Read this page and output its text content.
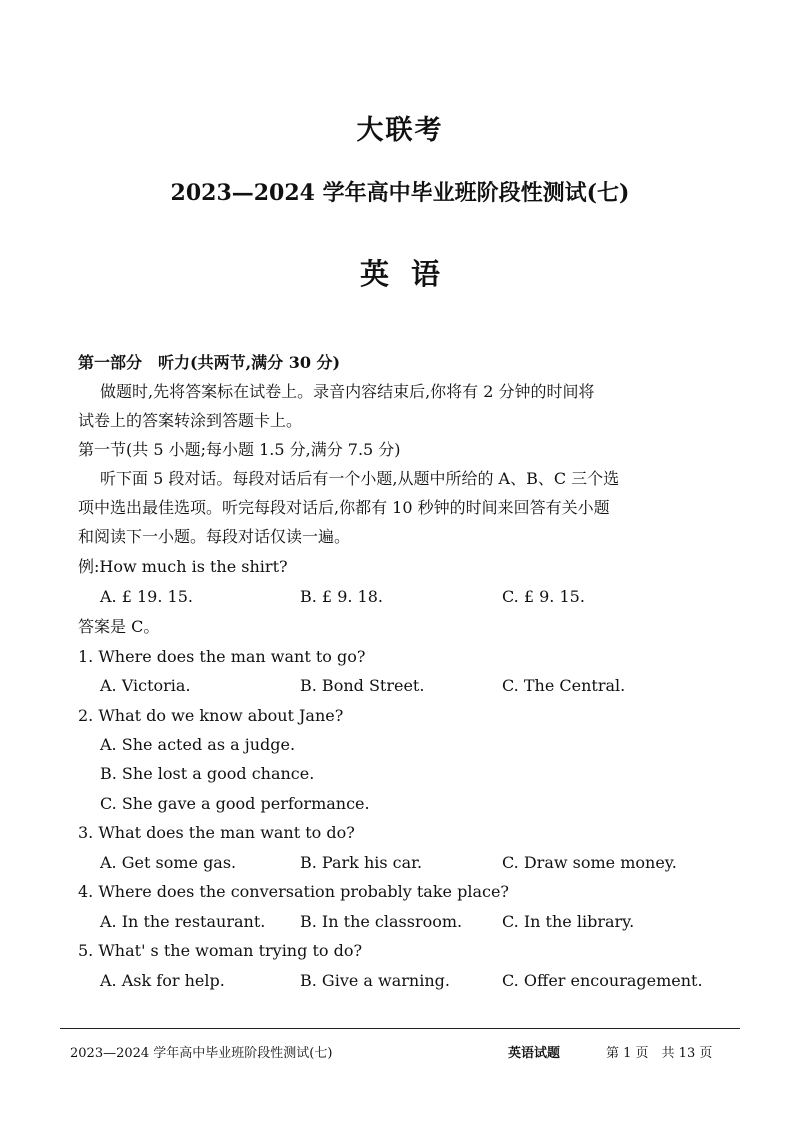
大联考
2023—2024 学年高中毕业班阶段性测试(七)
英语
第一部分　听力(共两节,满分 30 分)
做题时,先将答案标在试卷上。录音内容结束后,你将有 2 分钟的时间将
试卷上的答案转涂到答题卡上。
第一节(共 5 小题;每小题 1.5 分,满分 7.5 分)
听下面 5 段对话。每段对话后有一个小题,从题中所给的 A、B、C 三个选
项中选出最佳选项。听完每段对话后,你都有 10 秒钟的时间来回答有关小题
和阅读下一小题。每段对话仅读一遍。
例:How much is the shirt?
A. £ 19. 15.	B. £ 9. 18.	C. £ 9. 15.
答案是 C。
1. Where does the man want to go?
A. Victoria.	B. Bond Street.	C. The Central.
2. What do we know about Jane?
A. She acted as a judge.
B. She lost a good chance.
C. She gave a good performance.
3. What does the man want to do?
A. Get some gas.	B. Park his car.	C. Draw some money.
4. Where does the conversation probably take place?
A. In the restaurant. B. In the classroom. C. In the library.
5. What' s the woman trying to do?
A. Ask for help.	B. Give a warning.	C. Offer encouragement.
2023—2024 学年高中毕业班阶段性测试(七)	英语试题	第 1 页　共 13 页
